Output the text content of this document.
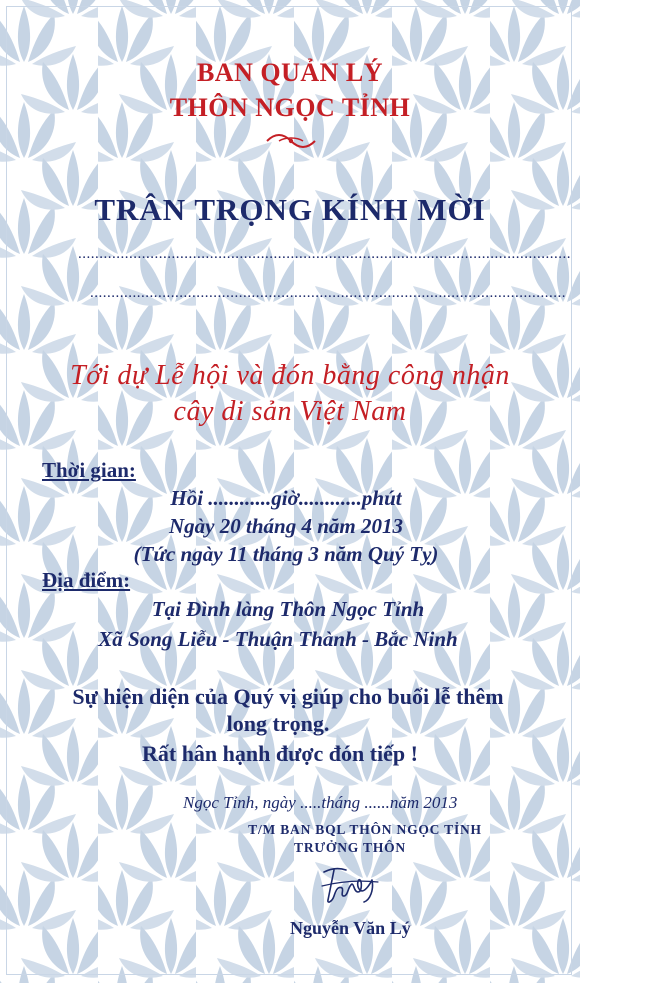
BAN QUẢN LÝ
THÔN NGỌC TỈNH
TRÂN TRỌNG KÍNH MỜI
....................................................................................................................
................................................................................................................
Tới dự Lễ hội và đón bằng công nhận
cây di sản Việt Nam
Thời gian:
Hồi ............giờ............phút
Ngày 20 tháng 4 năm 2013
(Tức ngày 11 tháng 3 năm Quý Tỵ)
Địa điểm:
Tại Đình làng Thôn Ngọc Tỉnh
Xã Song Liễu - Thuận Thành - Bắc Ninh
Sự hiện diện của Quý vị giúp cho buổi lễ thêm
long trọng.
Rất hân hạnh được đón tiếp !
Ngọc Tỉnh, ngày .....tháng ......năm 2013
T/M BAN BQL THÔN NGỌC TỈNH
TRƯỞNG THÔN
Nguyễn Văn Lý
